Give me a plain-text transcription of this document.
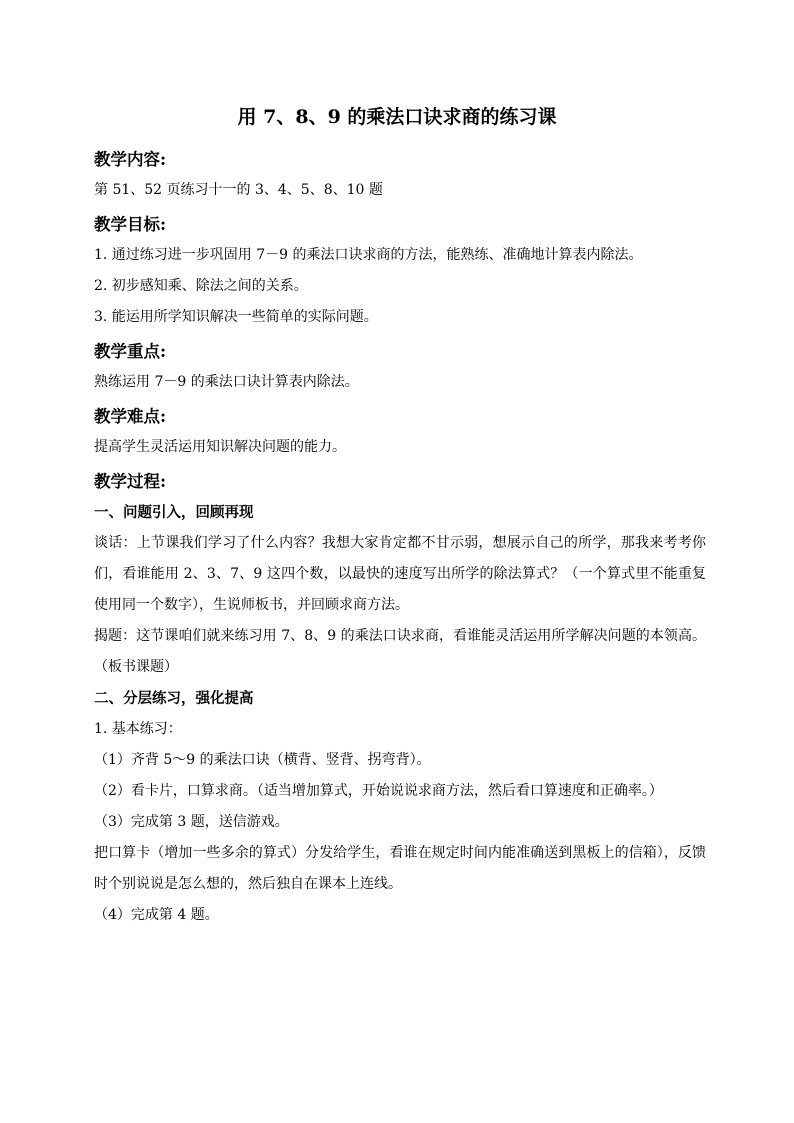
用 7、8、9 的乘法口诀求商的练习课
教学内容:
第 51、52 页练习十一的 3、4、5、8、10 题
教学目标:
1. 通过练习进一步巩固用 7－9 的乘法口诀求商的方法，能熟练、准确地计算表内除法。
2. 初步感知乘、除法之间的关系。
3. 能运用所学知识解决一些简单的实际问题。
教学重点:
熟练运用 7－9 的乘法口诀计算表内除法。
教学难点:
提高学生灵活运用知识解决问题的能力。
教学过程:
一、问题引入，回顾再现
谈话：上节课我们学习了什么内容？我想大家肯定都不甘示弱，想展示自己的所学，那我来考考你们，看谁能用 2、3、7、9 这四个数，以最快的速度写出所学的除法算式？（一个算式里不能重复使用同一个数字），生说师板书，并回顾求商方法。
揭题：这节课咱们就来练习用 7、8、9 的乘法口诀求商，看谁能灵活运用所学解决问题的本领高。（板书课题）
二、分层练习，强化提高
1. 基本练习：
（1）齐背 5～9 的乘法口诀（横背、竖背、拐弯背）。
（2）看卡片，口算求商。（适当增加算式，开始说说求商方法，然后看口算速度和正确率。）
（3）完成第 3 题，送信游戏。
把口算卡（增加一些多余的算式）分发给学生，看谁在规定时间内能准确送到黑板上的信箱），反馈时个别说说是怎么想的，然后独自在课本上连线。
（4）完成第 4 题。
